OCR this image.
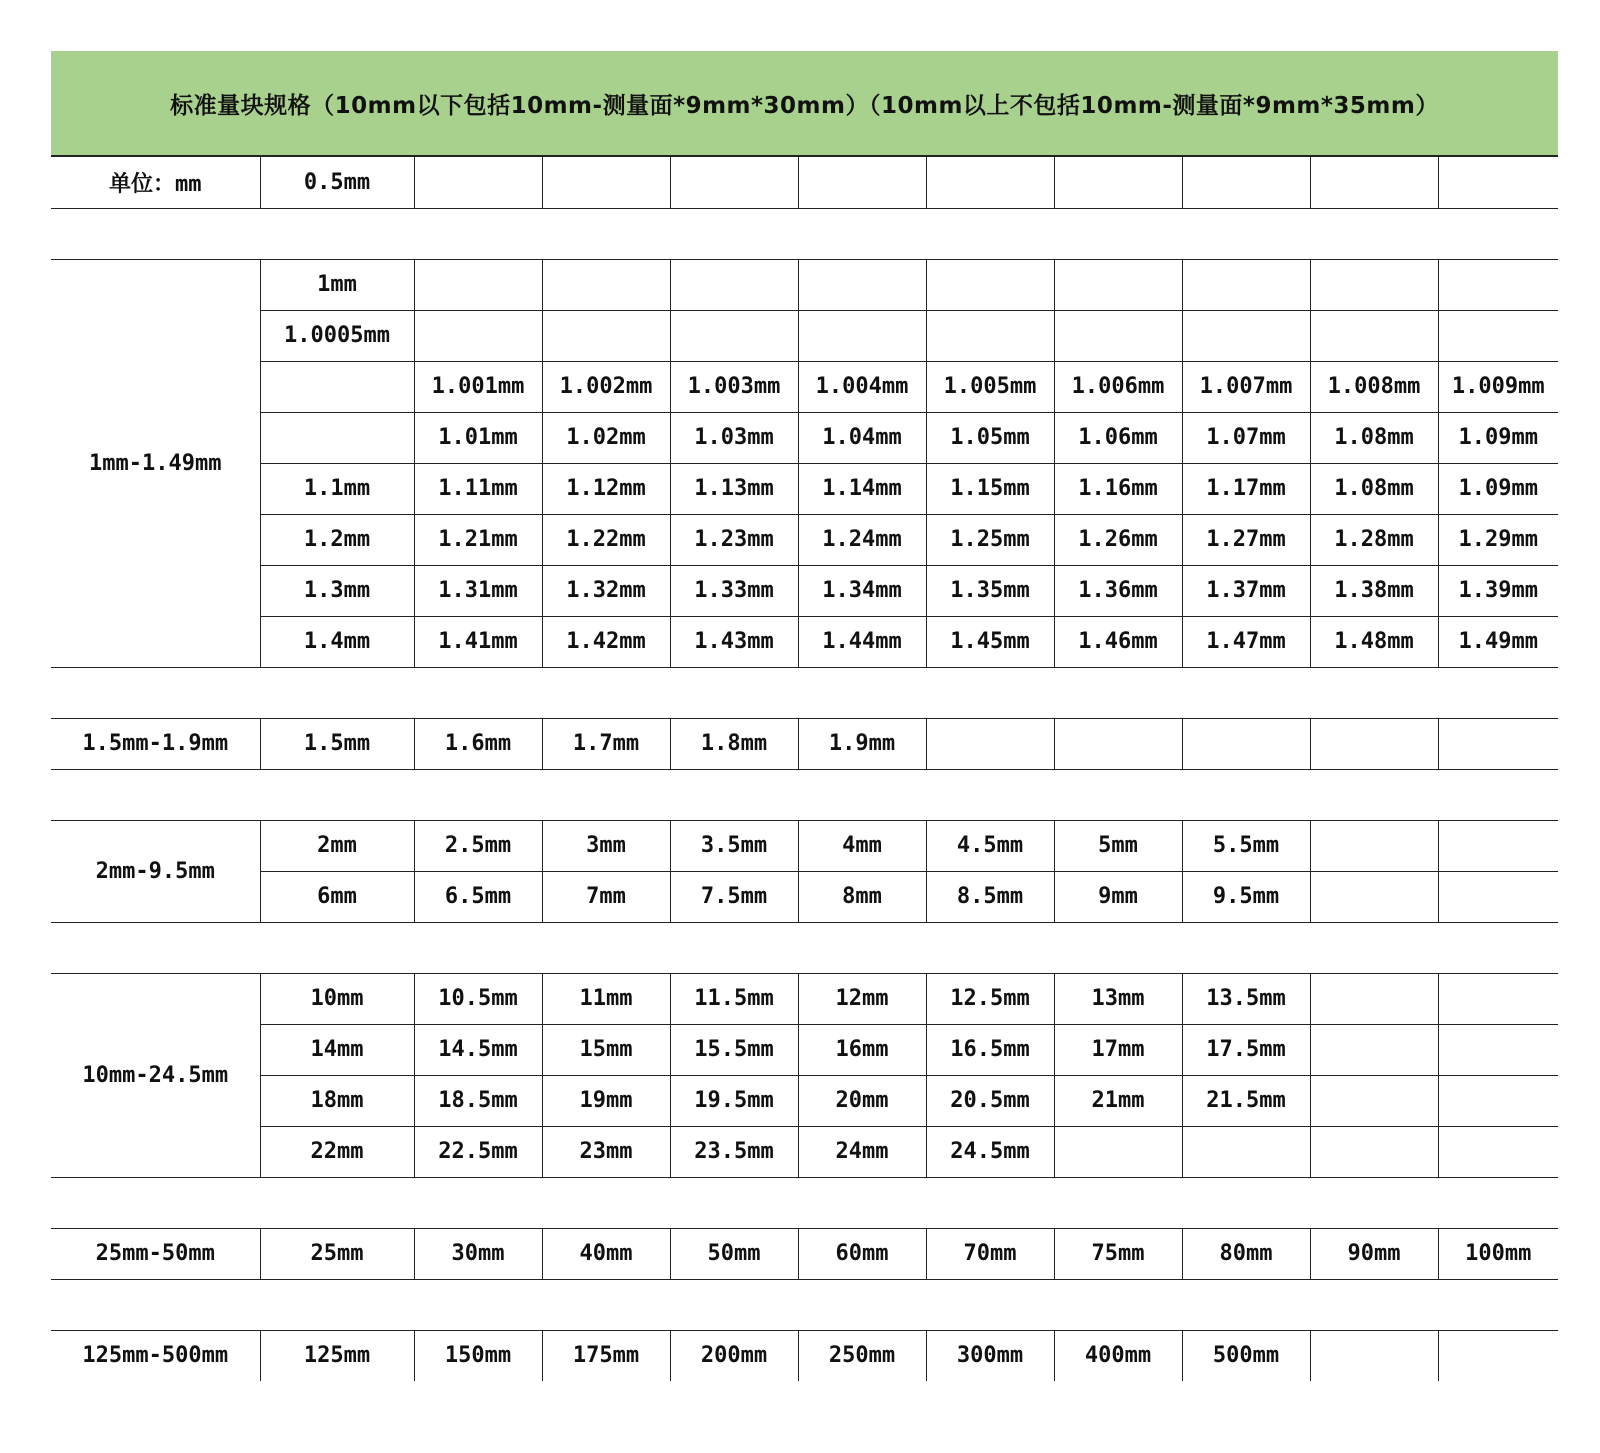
标准量块规格（10mm以下包括10mm-测量面*9mm*30mm）（10mm以上不包括10mm-测量面*9mm*35mm）
单位：mm	0.5mm									

1mm-1.49mm	1mm									
	1.0005mm									
		1.001mm	1.002mm	1.003mm	1.004mm	1.005mm	1.006mm	1.007mm	1.008mm	1.009mm
		1.01mm	1.02mm	1.03mm	1.04mm	1.05mm	1.06mm	1.07mm	1.08mm	1.09mm
	1.1mm	1.11mm	1.12mm	1.13mm	1.14mm	1.15mm	1.16mm	1.17mm	1.08mm	1.09mm
	1.2mm	1.21mm	1.22mm	1.23mm	1.24mm	1.25mm	1.26mm	1.27mm	1.28mm	1.29mm
	1.3mm	1.31mm	1.32mm	1.33mm	1.34mm	1.35mm	1.36mm	1.37mm	1.38mm	1.39mm
	1.4mm	1.41mm	1.42mm	1.43mm	1.44mm	1.45mm	1.46mm	1.47mm	1.48mm	1.49mm

1.5mm-1.9mm	1.5mm	1.6mm	1.7mm	1.8mm	1.9mm					

2mm-9.5mm	2mm	2.5mm	3mm	3.5mm	4mm	4.5mm	5mm	5.5mm		
	6mm	6.5mm	7mm	7.5mm	8mm	8.5mm	9mm	9.5mm		

10mm-24.5mm	10mm	10.5mm	11mm	11.5mm	12mm	12.5mm	13mm	13.5mm		
	14mm	14.5mm	15mm	15.5mm	16mm	16.5mm	17mm	17.5mm		
	18mm	18.5mm	19mm	19.5mm	20mm	20.5mm	21mm	21.5mm		
	22mm	22.5mm	23mm	23.5mm	24mm	24.5mm				

25mm-50mm	25mm	30mm	40mm	50mm	60mm	70mm	75mm	80mm	90mm	100mm

125mm-500mm	125mm	150mm	175mm	200mm	250mm	300mm	400mm	500mm		
